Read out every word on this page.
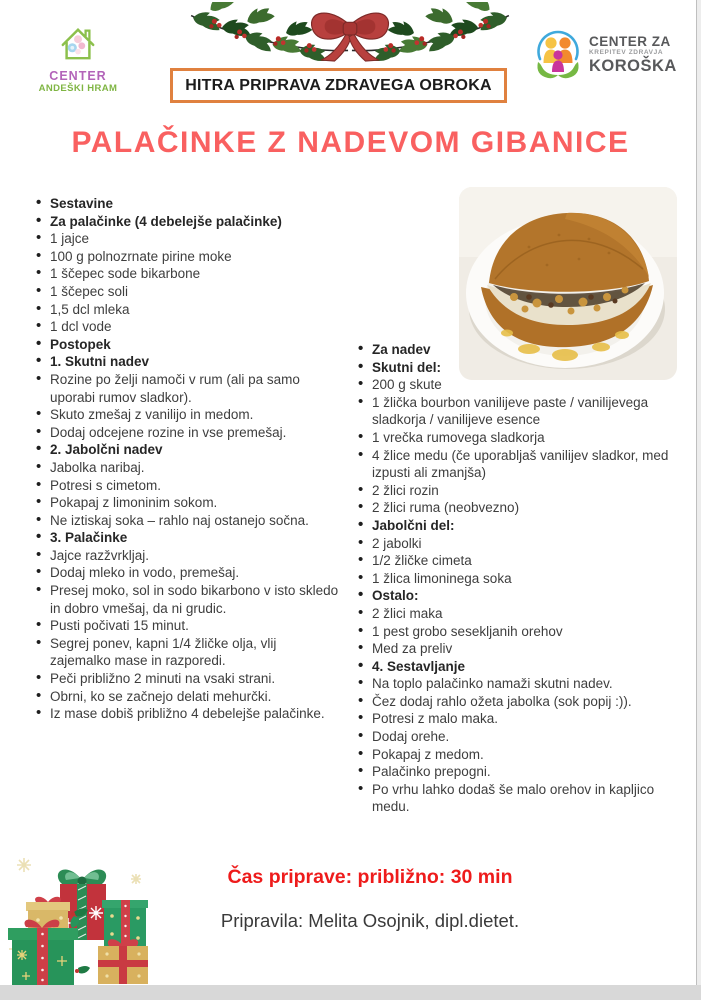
CENTER
ANDEŠKI HRAM	HITRA PRIPRAVA ZDRAVEGA OBROKA
CENTER ZA
KREPITEV ZDRAVJA
KOROŠKA
PALAČINKE Z NADEVOM GIBANICE
• Sestavine
• Za palačinke (4 debelejše palačinke)
• 1 jajce
• 100 g polnozrnate pirine moke
• 1 ščepec sode bikarbone
• 1 ščepec soli
• 1,5 dcl mleka
• 1 dcl vode
• Postopek
• 1. Skutni nadev
• Rozine po želji namoči v rum (ali pa samo uporabi rumov sladkor).
• Skuto zmešaj z vanilijo in medom.
• Dodaj odcejene rozine in vse premešaj.
• 2. Jabolčni nadev
• Jabolka naribaj.
• Potresi s cimetom.
• Pokapaj z limoninim sokom.
• Ne iztiskaj soka – rahlo naj ostanejo sočna.
• 3. Palačinke
• Jajce razžvrkljaj.
• Dodaj mleko in vodo, premešaj.
• Presej moko, sol in sodo bikarbono v isto skledo in dobro vmešaj, da ni grudic.
• Pusti počivati 15 minut.
• Segrej ponev, kapni 1/4 žličke olja, vlij zajemalko mase in razporedi.
• Peči približno 2 minuti na vsaki strani.
• Obrni, ko se začnejo delati mehurčki.
• Iz mase dobiš približno 4 debelejše palačinke.
• Za nadev
• Skutni del:
• 200 g skute
• 1 žlička bourbon vanilijeve paste / vanilijevega sladkorja / vanilijeve esence
• 1 vrečka rumovega sladkorja
• 4 žlice medu (če uporabljaš vanilijev sladkor, med izpusti ali zmanjša)
• 2 žlici rozin
• 2 žlici ruma (neobvezno)
• Jabolčni del:
• 2 jabolki
• 1/2 žličke cimeta
• 1 žlica limoninega soka
• Ostalo:
• 2 žlici maka
• 1 pest grobo sesekljanih orehov
• Med za preliv
• 4. Sestavljanje
• Na toplo palačinko namaži skutni nadev.
• Čez dodaj rahlo ožeta jabolka (sok popij :)).
• Potresi z malo maka.
• Dodaj orehe.
• Pokapaj z medom.
• Palačinko prepogni.
• Po vrhu lahko dodaš še malo orehov in kapljico medu.
Čas priprave: približno: 30 min
Pripravila: Melita Osojnik, dipl.dietet.
